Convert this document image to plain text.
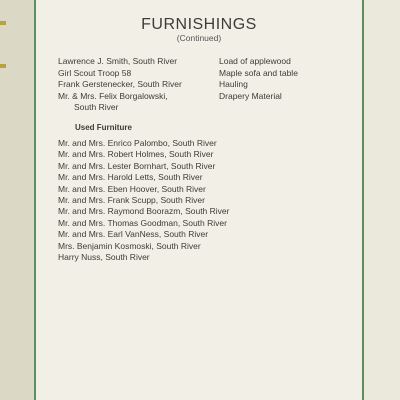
FURNISHINGS
(Continued)
Lawrence J. Smith, South River
Girl Scout Troop 58
Frank Gerstenecker, South River
Mr. & Mrs. Felix Borgalowski,
South River
Load of applewood
Maple sofa and table
Hauling
Drapery Material
Used Furniture
Mr. and Mrs. Enrico Palombo, South River
Mr. and Mrs. Robert Holmes, South River
Mr. and Mrs. Lester Bornhart, South River
Mr. and Mrs. Harold Letts, South River
Mr. and Mrs. Eben Hoover, South River
Mr. and Mrs. Frank Scupp, South River
Mr. and Mrs. Raymond Boorazm, South River
Mr. and Mrs. Thomas Goodman, South River
Mr. and Mrs. Earl VanNess, South River
Mrs. Benjamin Kosmoski, South River
Harry Nuss, South River
